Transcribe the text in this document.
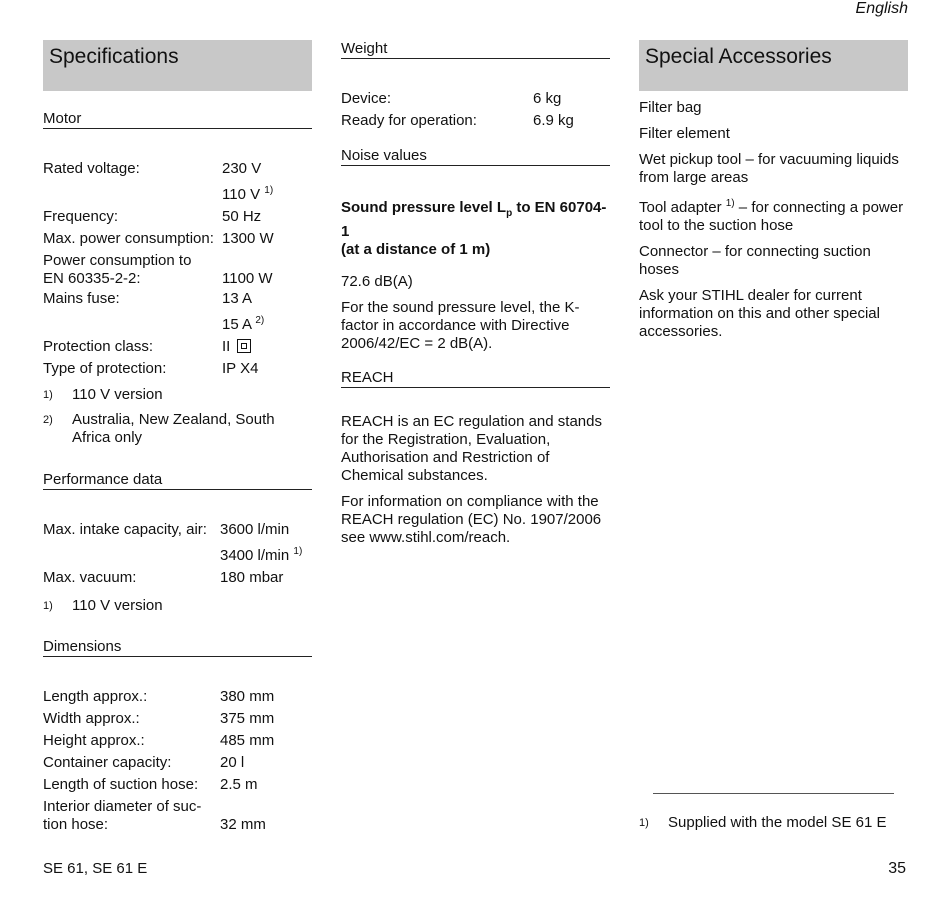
English
Specifications
Motor
Rated voltage:	230 V
110 V $^{1)}$
Frequency:	50 Hz
Max. power consumption: 1300 W
Power consumption to
EN 60335-2-2:	1100 W
Mains fuse:	13 A
15 A $^{2)}$
Protection class:	II
Type of protection:	IP X4
1)	110 V version
2)	Australia, New Zealand, South Africa only
Performance data
Max. intake capacity, air: 3600 l/min
3400 l/min $^{1)}$
Max. vacuum:	180 mbar
1)	110 V version
Dimensions
Length approx.:	380 mm
Width approx.:	375 mm
Height approx.:	485 mm
Container capacity:	20 l
Length of suction hose:	2.5 m
Interior diameter of suc-
tion hose:	32 mm
Weight
Device:	6 kg
Ready for operation:	6.9 kg
Noise values

Sound pressure level $L_p$ to EN 60704-1
(at a distance of 1 m)

72.6 dB(A)

For the sound pressure level, the K-factor in accordance with Directive 2006/42/EC = 2 dB(A).

REACH

REACH is an EC regulation and stands for the Registration, Evaluation, Authorisation and Restriction of Chemical substances.

For information on compliance with the REACH regulation (EC) No. 1907/2006 see www.stihl.com/reach.

Special Accessories

Filter bag

Filter element

Wet pickup tool – for vacuuming liquids from large areas

Tool adapter $^{1)}$ – for connecting a power tool to the suction hose

Connector – for connecting suction hoses

Ask your STIHL dealer for current information on this and other special accessories.

1)	Supplied with the model SE 61 E
SE 61, SE 61 E	35
